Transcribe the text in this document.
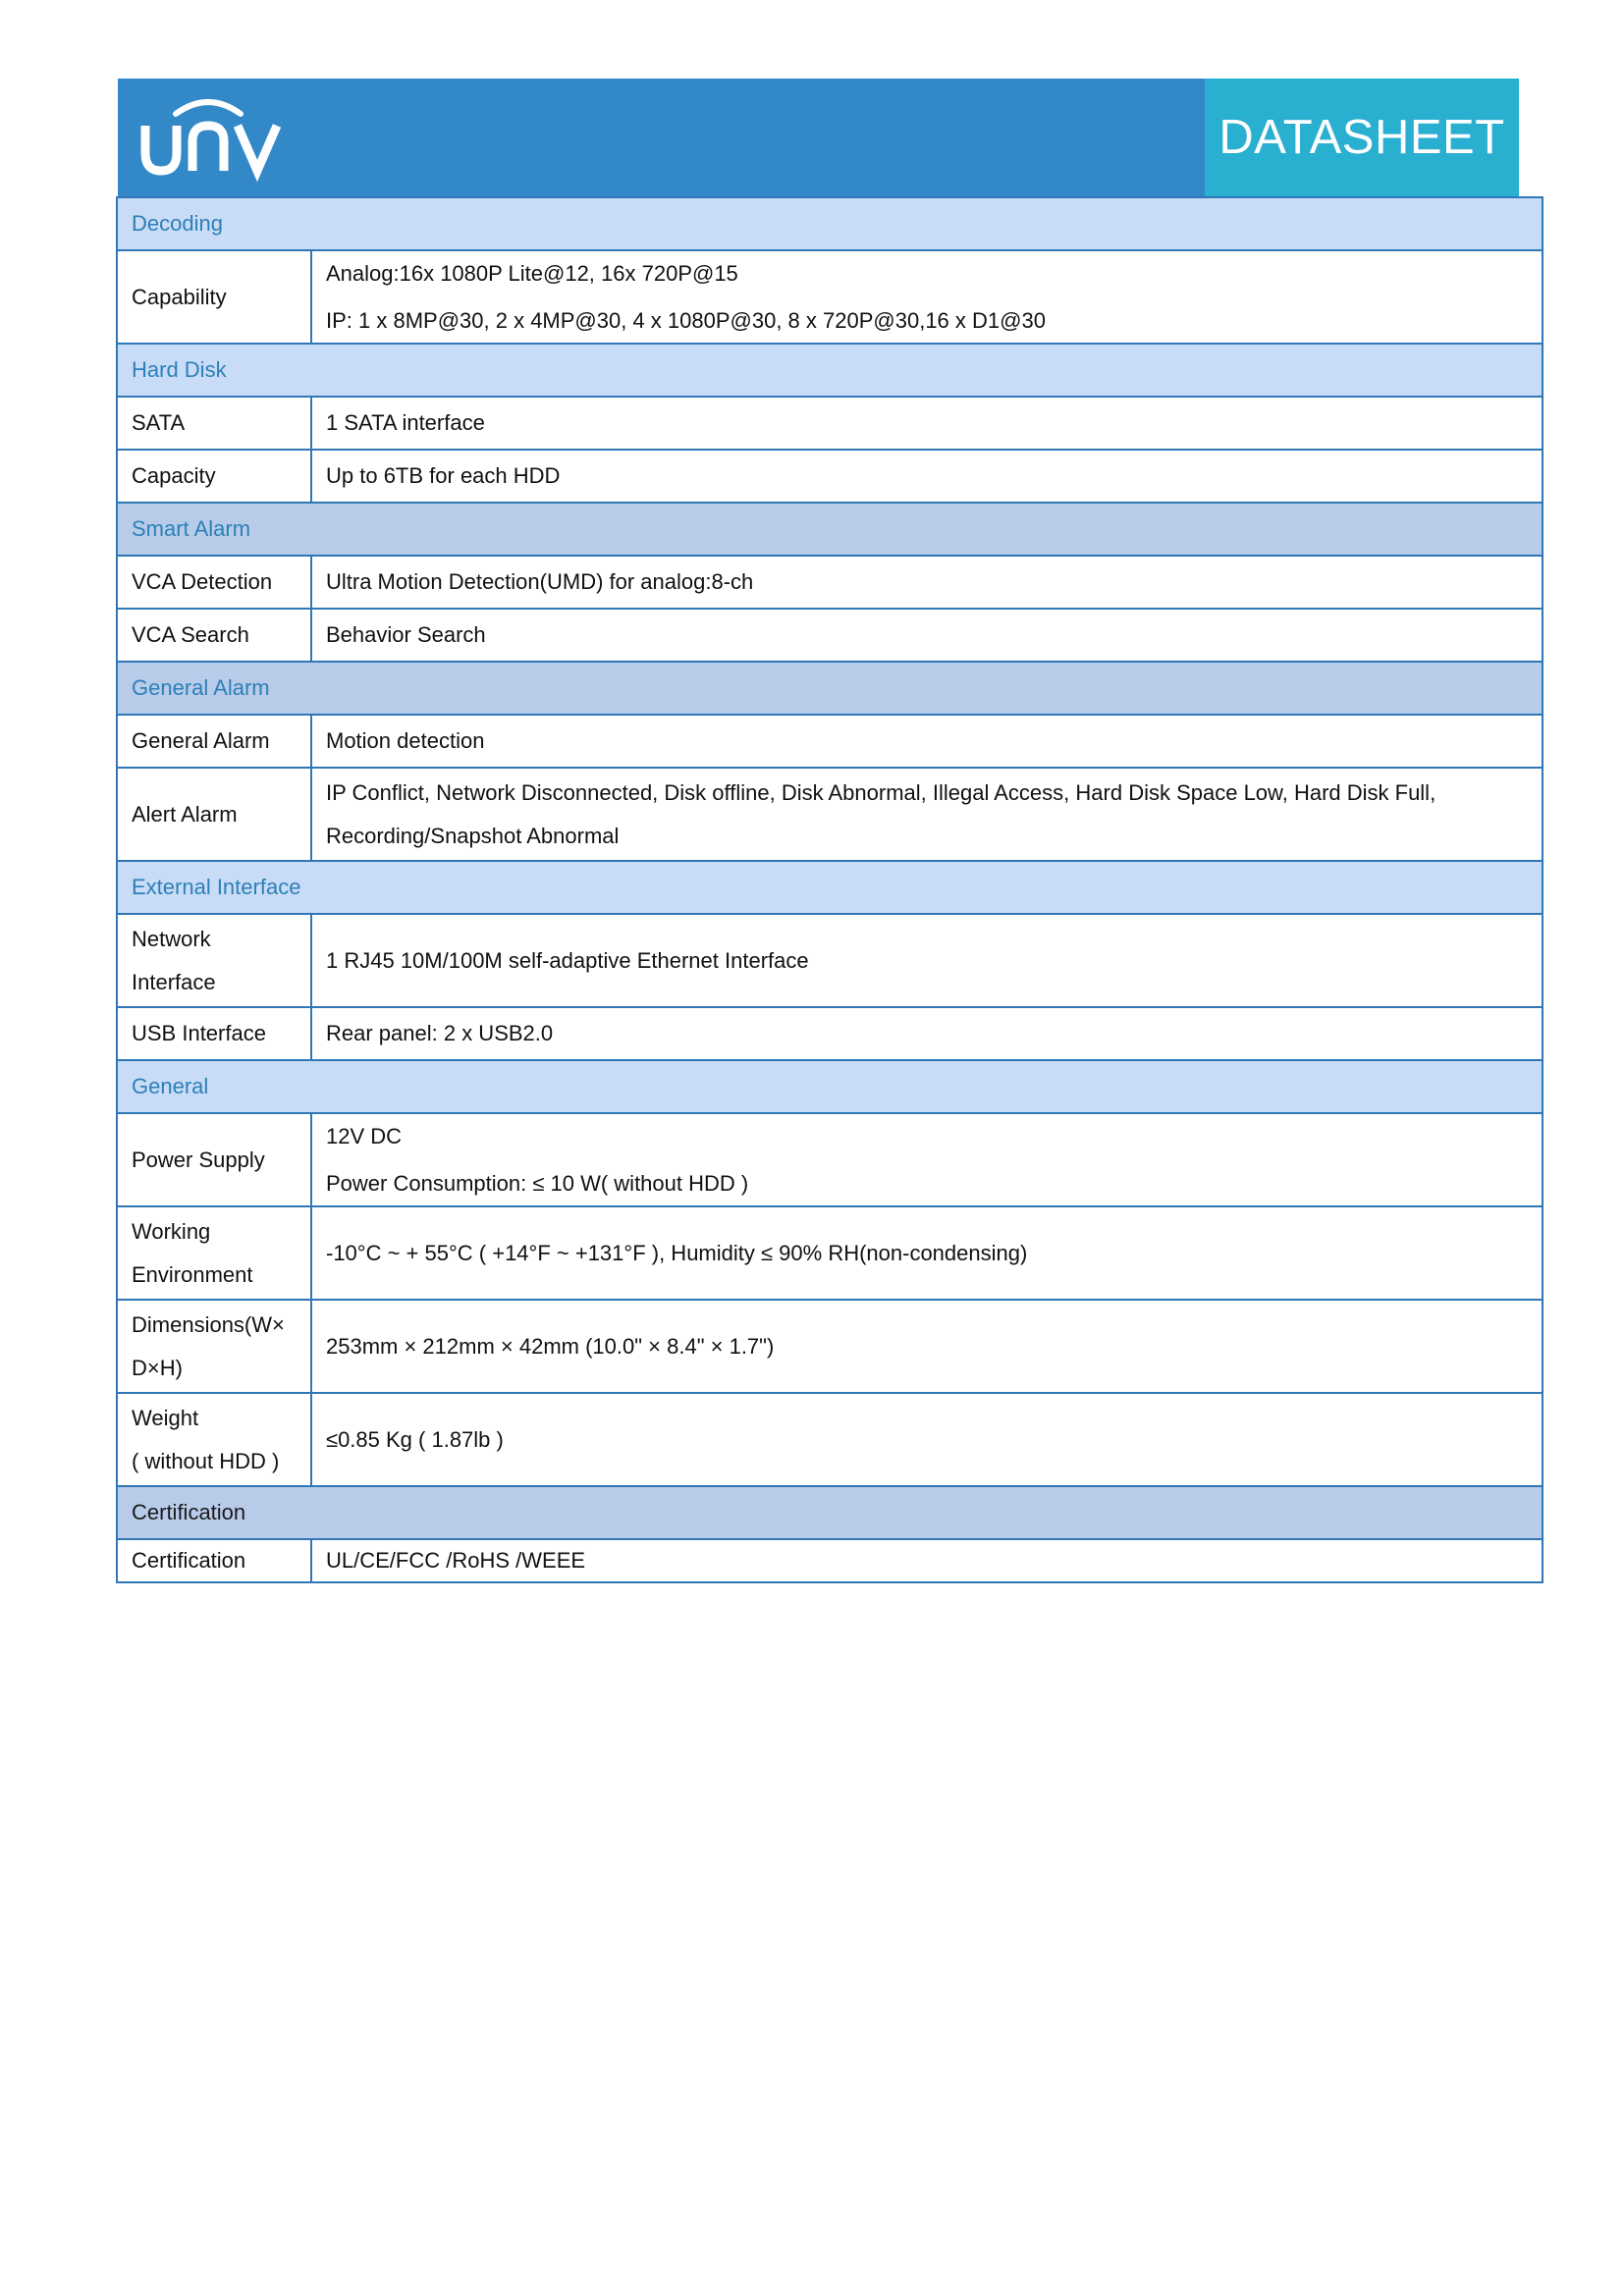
DATASHEET
Decoding	
Capability	Analog:16x 1080P Lite@12, 16x 720P@15
IP: 1 x 8MP@30, 2 x 4MP@30, 4 x 1080P@30, 8 x 720P@30,16 x D1@30

Hard Disk	
SATA	1 SATA interface
Capacity	Up to 6TB for each HDD
Smart Alarm	
VCA Detection	Ultra Motion Detection(UMD) for analog:8-ch
VCA Search	Behavior Search
General Alarm	
General Alarm	Motion detection
Alert Alarm	IP Conflict, Network Disconnected, Disk offline, Disk Abnormal, Illegal Access, Hard Disk Space Low, Hard Disk Full,
Recording/Snapshot Abnormal

External Interface	

Network
Interface	1 RJ45 10M/100M self-adaptive Ethernet Interface
USB Interface	Rear panel: 2 x USB2.0
General	
Power Supply	12V DC
Power Consumption: ≤ 10 W( without HDD )

Working
Environment	-10°C ~ + 55°C ( +14°F ~ +131°F ), Humidity ≤ 90% RH(non-condensing)

Dimensions(W×
D×H)	253mm × 212mm × 42mm (10.0" × 8.4" × 1.7")

Weight
( without HDD )	≤0.85 Kg ( 1.87lb )
Certification	
Certification	UL/CE/FCC /RoHS /WEEE
